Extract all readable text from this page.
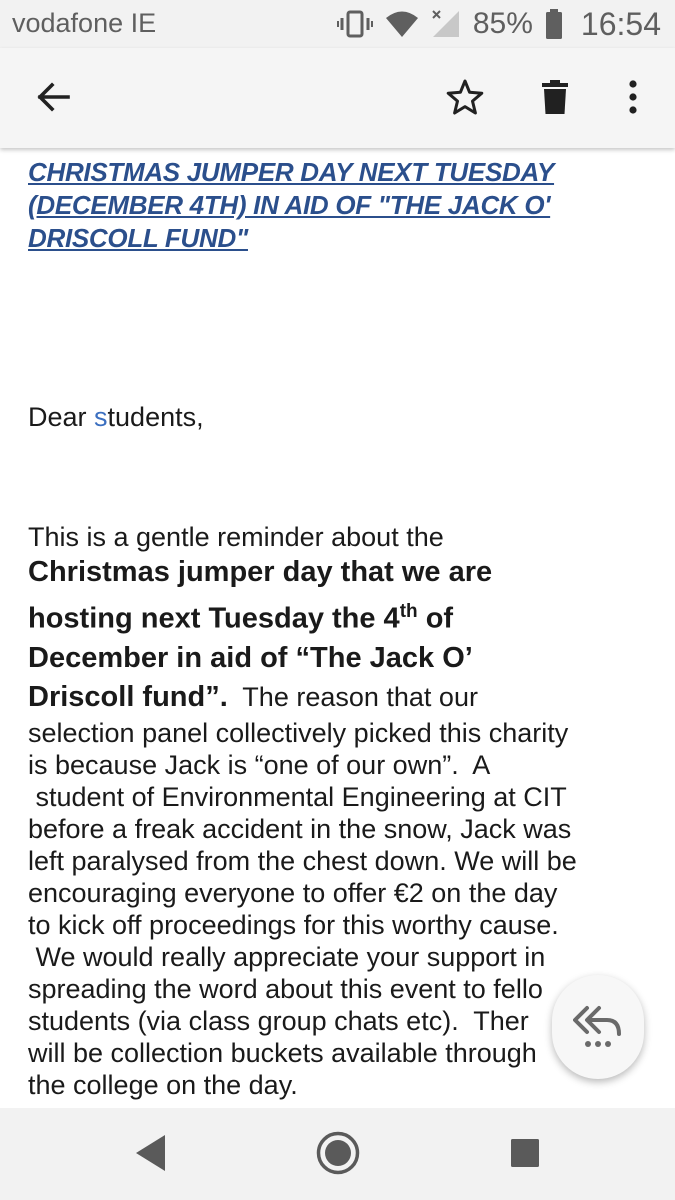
vodafone IE	85% 16:54
CHRISTMAS JUMPER DAY NEXT TUESDAY
(DECEMBER 4TH) IN AID OF "THE JACK O'
DRISCOLL FUND"
Dear students,
This is a gentle reminder about the
Christmas jumper day that we are
hosting next Tuesday the 4th of
December in aid of “The Jack O’
Driscoll fund”.  The reason that our
selection panel collectively picked this charity
is because Jack is “one of our own”.  A
student of Environmental Engineering at CIT
before a freak accident in the snow, Jack was
left paralysed from the chest down. We will be
encouraging everyone to offer €2 on the day
to kick off proceedings for this worthy cause.
We would really appreciate your support in
spreading the word about this event to fello
students (via class group chats etc).  Ther
will be collection buckets available through
the college on the day.
